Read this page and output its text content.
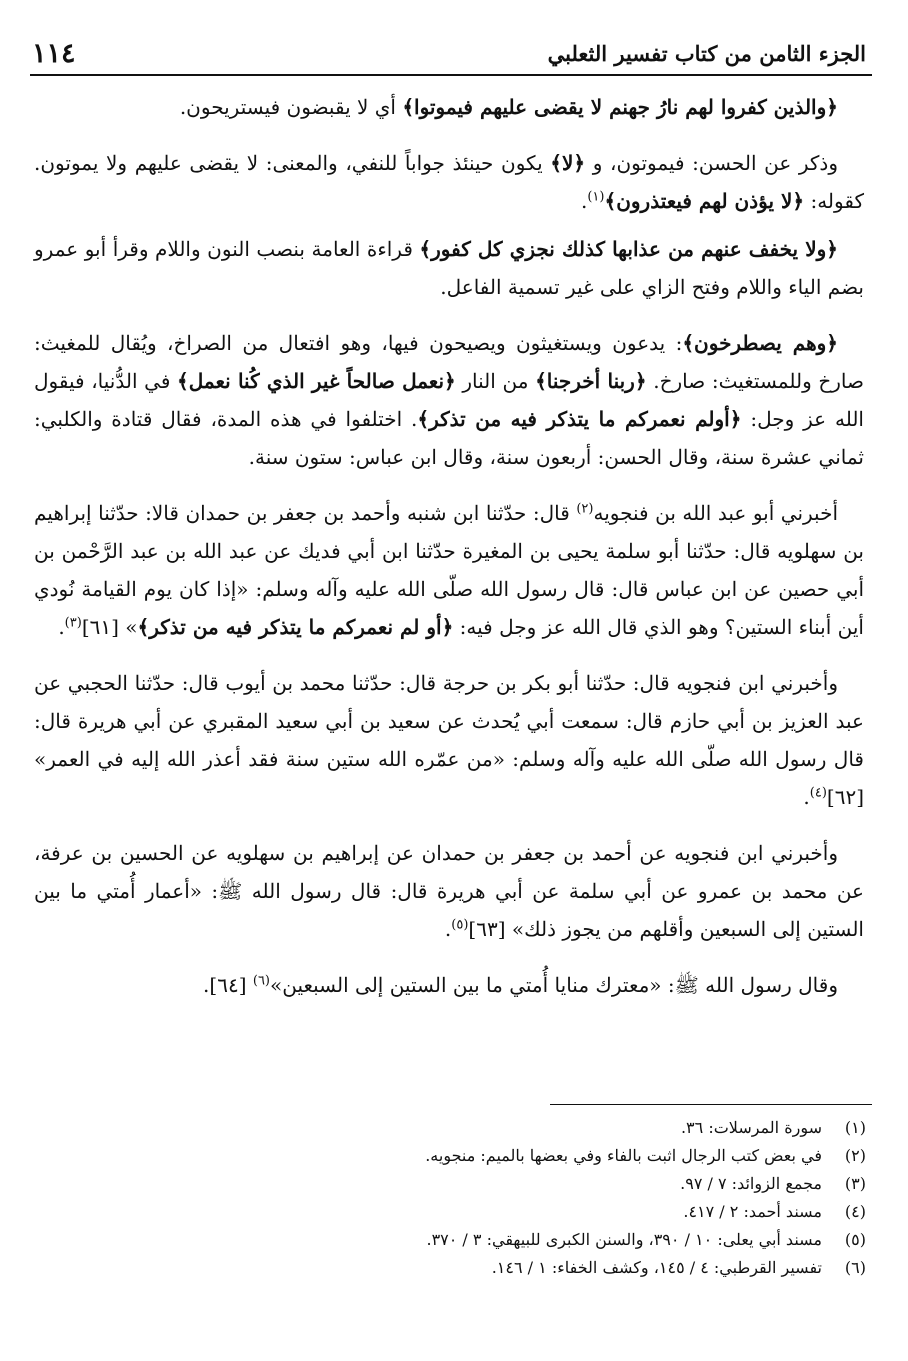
الجزء الثامن من كتاب تفسير الثعلبي
١١٤

﴿والذين كفروا لهم نارُ جهنم لا يقضى عليهم فيموتوا﴾ أي لا يقبضون فيستريحون.

وذكر عن الحسن: فيموتون، و ﴿لا﴾ يكون حينئذ جواباً للنفي، والمعنى: لا يقضى عليهم ولا يموتون. كقوله: ﴿لا يؤذن لهم فيعتذرون﴾$^{(١)}$.

﴿ولا يخفف عنهم من عذابها كذلك نجزي كل كفور﴾ قراءة العامة بنصب النون واللام وقرأ أبو عمرو بضم الياء واللام وفتح الزاي على غير تسمية الفاعل.

﴿وهم يصطرخون﴾: يدعون ويستغيثون ويصيحون فيها، وهو افتعال من الصراخ، ويُقال للمغيث: صارخ وللمستغيث: صارخ. ﴿ربنا أخرجنا﴾ من النار ﴿نعمل صالحاً غير الذي كُنا نعمل﴾ في الدُّنيا، فيقول الله عز وجل: ﴿أولم نعمركم ما يتذكر فيه من تذكر﴾. اختلفوا في هذه المدة، فقال قتادة والكلبي: ثماني عشرة سنة، وقال الحسن: أربعون سنة، وقال ابن عباس: ستون سنة.

أخبرني أبو عبد الله بن فنجويه$^{(٢)}$ قال: حدّثنا ابن شنبه وأحمد بن جعفر بن حمدان قالا: حدّثنا إبراهيم بن سهلويه قال: حدّثنا أبو سلمة يحيى بن المغيرة حدّثنا ابن أبي فديك عن عبد الله بن عبد الرَّحْمن بن أبي حصين عن ابن عباس قال: قال رسول الله صلّى الله عليه وآله وسلم: «إذا كان يوم القيامة نُودي أين أبناء الستين؟ وهو الذي قال الله عز وجل فيه: ﴿أو لم نعمركم ما يتذكر فيه من تذكر﴾» [٦١]$^{(٣)}$.

وأخبرني ابن فنجويه قال: حدّثنا أبو بكر بن حرجة قال: حدّثنا محمد بن أيوب قال: حدّثنا الحجبي عن عبد العزيز بن أبي حازم قال: سمعت أبي يُحدث عن سعيد بن أبي سعيد المقبري عن أبي هريرة قال: قال رسول الله صلّى الله عليه وآله وسلم: «من عمّره الله ستين سنة فقد أعذر الله إليه في العمر» [٦٢]$^{(٤)}$.

وأخبرني ابن فنجويه عن أحمد بن جعفر بن حمدان عن إبراهيم بن سهلويه عن الحسين بن عرفة، عن محمد بن عمرو عن أبي سلمة عن أبي هريرة قال: قال رسول الله ﷺ: «أعمار أُمتي ما بين الستين إلى السبعين وأقلهم من يجوز ذلك» [٦٣]$^{(٥)}$.

وقال رسول الله ﷺ: «معترك منايا أُمتي ما بين الستين إلى السبعين»$^{(٦)}$ [٦٤].

(١)
سورة المرسلات: ٣٦.
(٢)
في بعض كتب الرجال اثبت بالفاء وفي بعضها بالميم: منجويه.
(٣)
مجمع الزوائد: ٧ / ٩٧.
(٤)
مسند أحمد: ٢ / ٤١٧.
(٥)
مسند أبي يعلى: ١٠ / ٣٩٠، والسنن الكبرى للبيهقي: ٣ / ٣٧٠.
(٦)
تفسير القرطبي: ٤ / ١٤٥، وكشف الخفاء: ١ / ١٤٦.
